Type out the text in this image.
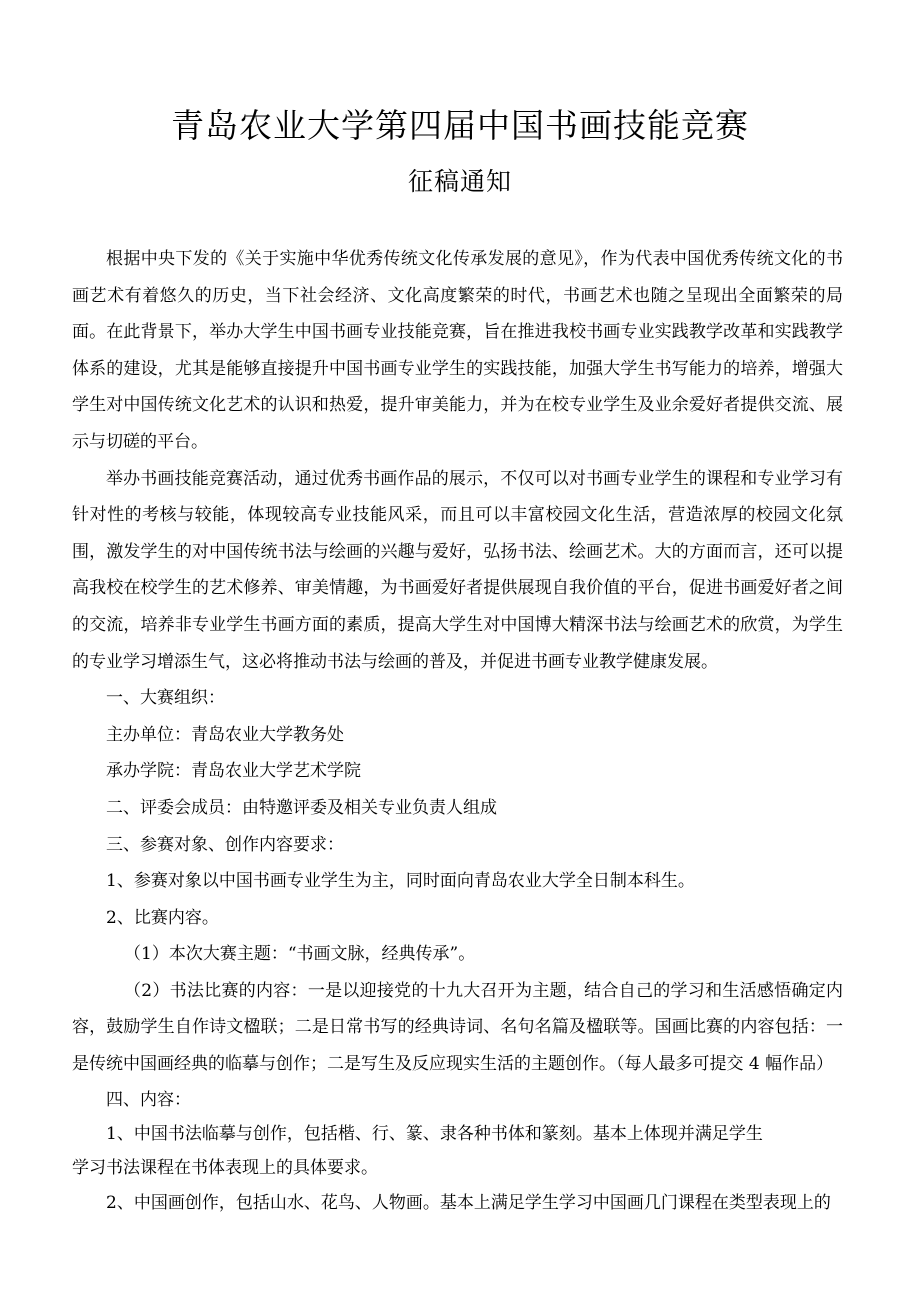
青岛农业大学第四届中国书画技能竞赛
征稿通知

根据中央下发的《关于实施中华优秀传统文化传承发展的意见》，作为代表中国优秀传统文化的书画艺术有着悠久的历史，当下社会经济、文化高度繁荣的时代，书画艺术也随之呈现出全面繁荣的局面。在此背景下，举办大学生中国书画专业技能竞赛，旨在推进我校书画专业实践教学改革和实践教学体系的建设，尤其是能够直接提升中国书画专业学生的实践技能，加强大学生书写能力的培养，增强大学生对中国传统文化艺术的认识和热爱，提升审美能力，并为在校专业学生及业余爱好者提供交流、展示与切磋的平台。

举办书画技能竞赛活动，通过优秀书画作品的展示，不仅可以对书画专业学生的课程和专业学习有针对性的考核与较能，体现较高专业技能风采，而且可以丰富校园文化生活，营造浓厚的校园文化氛围，激发学生的对中国传统书法与绘画的兴趣与爱好，弘扬书法、绘画艺术。大的方面而言，还可以提高我校在校学生的艺术修养、审美情趣，为书画爱好者提供展现自我价值的平台，促进书画爱好者之间的交流，培养非专业学生书画方面的素质，提高大学生对中国博大精深书法与绘画艺术的欣赏，为学生的专业学习增添生气，这必将推动书法与绘画的普及，并促进书画专业教学健康发展。

一、大赛组织：

主办单位：青岛农业大学教务处

承办学院：青岛农业大学艺术学院

二、评委会成员：由特邀评委及相关专业负责人组成

三、参赛对象、创作内容要求：

1、参赛对象以中国书画专业学生为主，同时面向青岛农业大学全日制本科生。

2、比赛内容。

（1）本次大赛主题：“书画文脉，经典传承”。

（2）书法比赛的内容：一是以迎接党的十九大召开为主题，结合自己的学习和生活感悟确定内容，鼓励学生自作诗文楹联；二是日常书写的经典诗词、名句名篇及楹联等。国画比赛的内容包括：一是传统中国画经典的临摹与创作；二是写生及反应现实生活的主题创作。（每人最多可提交 4 幅作品）

四、内容：

1、中国书法临摹与创作，包括楷、行、篆、隶各种书体和篆刻。基本上体现并满足学生

学习书法课程在书体表现上的具体要求。

2、中国画创作，包括山水、花鸟、人物画。基本上满足学生学习中国画几门课程在类型表现上的
